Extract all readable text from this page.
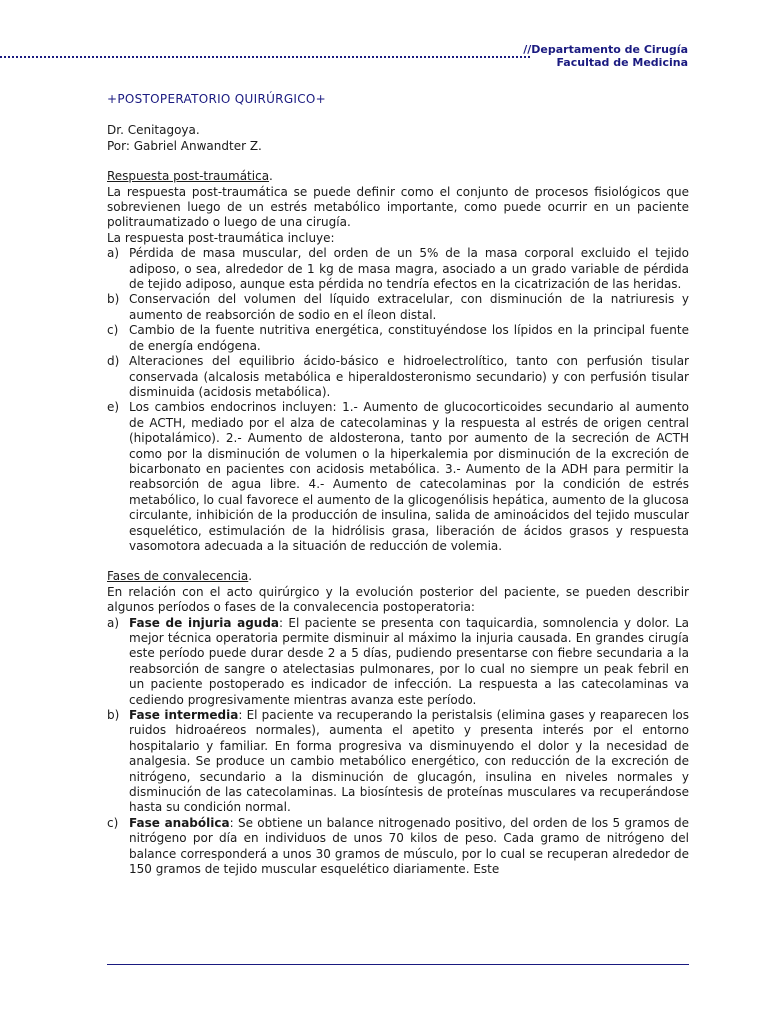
//Departamento de Cirugía
Facultad de Medicina

+POSTOPERATORIO QUIRÚRGICO+

Dr. Cenitagoya.

Por: Gabriel Anwandter Z.

Respuesta post-traumática.

La respuesta post-traumática se puede definir como el conjunto de procesos fisiológicos que sobrevienen luego de un estrés metabólico importante, como puede ocurrir en un paciente politraumatizado o luego de una cirugía.

La respuesta post-traumática incluye:

a) Pérdida de masa muscular, del orden de un 5% de la masa corporal excluido el tejido adiposo, o sea, alrededor de 1 kg de masa magra, asociado a un grado variable de pérdida de tejido adiposo, aunque esta pérdida no tendría efectos en la cicatrización de las heridas.
b) Conservación del volumen del líquido extracelular, con disminución de la natriuresis y aumento de reabsorción de sodio en el íleon distal.
c) Cambio de la fuente nutritiva energética, constituyéndose los lípidos en la principal fuente de energía endógena.
d) Alteraciones del equilibrio ácido-básico e hidroelectrolítico, tanto con perfusión tisular conservada (alcalosis metabólica e hiperaldosteronismo secundario) y con perfusión tisular disminuida (acidosis metabólica).
e) Los cambios endocrinos incluyen: 1.- Aumento de glucocorticoides secundario al aumento de ACTH, mediado por el alza de catecolaminas y la respuesta al estrés de origen central (hipotalámico). 2.- Aumento de aldosterona, tanto por aumento de la secreción de ACTH como por la disminución de volumen o la hiperkalemia por disminución de la excreción de bicarbonato en pacientes con acidosis metabólica. 3.- Aumento de la ADH para permitir la reabsorción de agua libre. 4.- Aumento de catecolaminas por la condición de estrés metabólico, lo cual favorece el aumento de la glicogenólisis hepática, aumento de la glucosa circulante, inhibición de la producción de insulina, salida de aminoácidos del tejido muscular esquelético, estimulación de la hidrólisis grasa, liberación de ácidos grasos y respuesta vasomotora adecuada a la situación de reducción de volemia.

Fases de convalecencia.

En relación con el acto quirúrgico y la evolución posterior del paciente, se pueden describir algunos períodos o fases de la convalecencia postoperatoria:

a) Fase de injuria aguda: El paciente se presenta con taquicardia, somnolencia y dolor. La mejor técnica operatoria permite disminuir al máximo la injuria causada. En grandes cirugía este período puede durar desde 2 a 5 días, pudiendo presentarse con fiebre secundaria a la reabsorción de sangre o atelectasias pulmonares, por lo cual no siempre un peak febril en un paciente postoperado es indicador de infección. La respuesta a las catecolaminas va cediendo progresivamente mientras avanza este período.
b) Fase intermedia: El paciente va recuperando la peristalsis (elimina gases y reaparecen los ruidos hidroaéreos normales), aumenta el apetito y presenta interés por el entorno hospitalario y familiar. En forma progresiva va disminuyendo el dolor y la necesidad de analgesia. Se produce un cambio metabólico energético, con reducción de la excreción de nitrógeno, secundario a la disminución de glucagón, insulina en niveles normales y disminución de las catecolaminas. La biosíntesis de proteínas musculares va recuperándose hasta su condición normal.
c) Fase anabólica: Se obtiene un balance nitrogenado positivo, del orden de los 5 gramos de nitrógeno por día en individuos de unos 70 kilos de peso. Cada gramo de nitrógeno del balance corresponderá a unos 30 gramos de músculo, por lo cual se recuperan alrededor de 150 gramos de tejido muscular esquelético diariamente. Este
